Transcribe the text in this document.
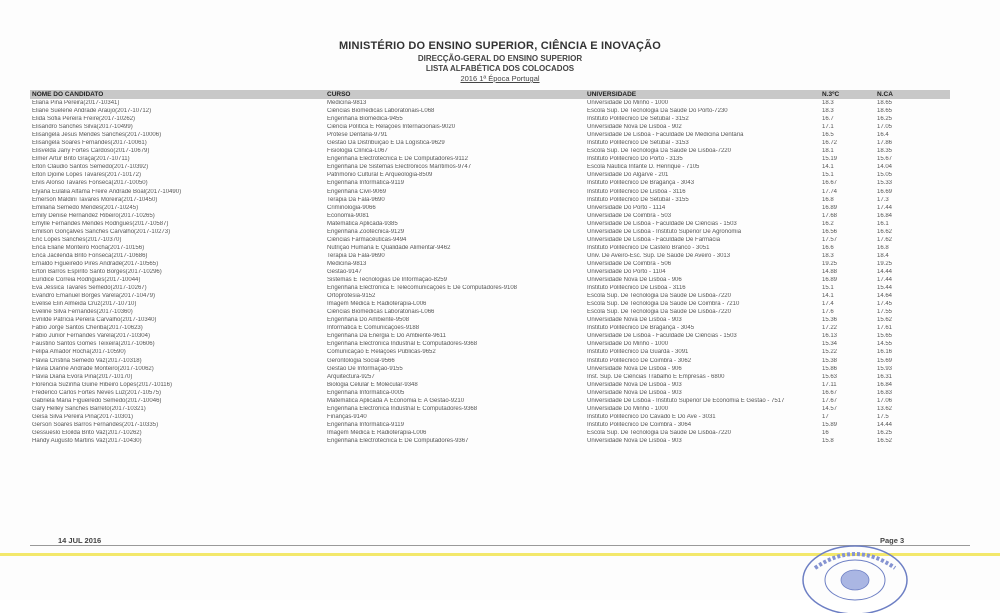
MINISTÉRIO DO ENSINO SUPERIOR, CIÊNCIA E INOVAÇÃO
DIRECÇÃO-GERAL DO ENSINO SUPERIOR
LISTA ALFABÉTICA DOS COLOCADOS
2016 1ª Época Portugal
NOME DO CANDIDATO	CURSO	UNIVERSIDADE	N.3ºC	N.CA
Eliana Pina Pereira(2017-10341)	Medicina-9813	Universidade Do Minho - 1000	18.3	18.65
Eliane Suelene Andrade Araújo(2017-10712)	Ciências Biomédicas Laboratoriais-L068	Escola Sup. De Tecnologia Da Saúde Do Porto-7230	18.3	18.65
Elida Sofia Pereira Freire(2017-10262)	Engenharia Biomédica-9455	Instituto Politécnico De Setúbal - 3152	16.7	16.25
Elisandro Sanches Silva(2017-10499)	Ciência Política E Relações Internacionais-9020	Universidade Nova De Lisboa - 902	17.1	17.05
Elisangela Jesus Mendes Sanches(2017-10006)	Prótese Dentária-9791	Universidade De Lisboa - Faculdade De Medicina Dentária	16.5	16.4
Elisangela Soares Fernandes(2017-10061)	Gestão Da Distribuição E Da Logística-9629	Instituto Politécnico De Setúbal - 3153	16.72	17.86
Elisvelda Jany Fortes Cardoso(2017-10679)	Fisiologia Clínica-L067	Escola Sup. De Tecnologia Da Saúde De Lisboa-7220	18.1	18.35
Elmer Artur Brito Graça(2017-10711)	Engenharia Electrotécnica E De Computadores-9112	Instituto Politécnico Do Porto - 3135	15.19	15.67
Elton Cláudio Santos Semedo(2017-10392)	Engenharia De Sistemas Electrónicos Marítimos-9747	Escola Náutica Infante D. Henrique - 7105	14.1	14.04
Elton Djoine Lopes Tavares(2017-10172)	Património Cultural E Arqueologia-8509	Universidade Do Algarve - 201	15.1	15.05
Elvis Alonso Tavares Fonseca(2017-10050)	Engenharia Informática-9119	Instituto Politécnico De Bragança - 3043	16.67	15.33
Elyana Eulália Alfama Freire Andrade Boal(2017-10490)	Engenharia Civil-9069	Instituto Politécnico De Lisboa - 3116	17.74	16.69
Emerson Maldini Tavares Moreira(2017-10450)	Terapia Da Fala-9690	Instituto Politécnico De Setúbal - 3155	16.8	17.3
Emiliana Semedo Mendes(2017-10245)	Criminologia-9066	Universidade Do Porto - 1114	16.89	17.44
Emily Denise Hernandez Ribeiro(2017-10265)	Economia-9081	Universidade De Coimbra - 503	17.68	16.84
Emylle Fernandes Mendes Rodrigues(2017-10587)	Matemática Aplicada-9385	Universidade De Lisboa - Faculdade De Ciências - 1503	16.2	16.1
Emilson Gonçalves Sanches Carvalho(2017-10273)	Engenharia Zootécnica-9129	Universidade De Lisboa - Instituto Superior De Agronomia	16.56	16.62
Eric Lopes Sanches(2017-10370)	Ciências Farmacêuticas-9494	Universidade De Lisboa - Faculdade De Farmácia	17.57	17.62
Erica Eliane Monteiro Rocha(2017-10156)	Nutrição Humana E Qualidade Alimentar-9462	Instituto Politécnico De Castelo Branco - 3051	16.6	16.8
Erica Jacilenda Brito Fonseca(2017-10686)	Terapia Da Fala-9690	Univ. De Aveiro-Esc. Sup. De Saúde De Aveiro - 3013	18.3	18.4
Ernaldo Figueiredo Pires Andrade(2017-10565)	Medicina-9813	Universidade De Coimbra - 506	19.25	19.25
Erton Barros Espírito Santo Borges(2017-10296)	Gestão-9147	Universidade Do Porto - 1104	14.88	14.44
Eurídice Correia Rodrigues(2017-10044)	Sistemas E Tecnologias De Informação-8259	Universidade Nova De Lisboa - 906	16.89	17.44
Eva Jéssica Tavares Semedo(2017-10267)	Engenharia Electrónica E Telecomunicações E De Computadores-9108	Instituto Politécnico De Lisboa - 3116	15.1	15.44
Evandro Emanuel Borges Varela(2017-10479)	Ortoprotesia-9152	Escola Sup. De Tecnologia Da Saúde De Lisboa-7220	14.1	14.64
Evelise Elin Almeida Cruz(2017-10710)	Imagem Médica E Radioterapia-L006	Escola Sup. De Tecnologia Da Saúde De Coimbra - 7210	17.4	17.45
Eveline Silva Fernandes(2017-10360)	Ciências Biomédicas Laboratoriais-L066	Escola Sup. De Tecnologia Da Saúde De Lisboa-7220	17.6	17.55
Evnilde Patrícia Pereira Carvalho(2017-10340)	Engenharia Do Ambiente-9508	Universidade Nova De Lisboa - 903	15.36	15.62
Fabio Jorge Santos Cheriba(2017-10623)	Informática E Comunicações-9188	Instituto Politécnico De Bragança - 3045	17.22	17.61
Fabio Junior Fernandes Varela(2017-10304)	Engenharia Da Energia E Do Ambiente-9611	Universidade De Lisboa - Faculdade De Ciências - 1503	16.13	15.65
Faustino Santos Gomes Teixeira(2017-10606)	Engenharia Electrónica Industrial E Computadores-9368	Universidade Do Minho - 1000	15.34	14.55
Felipa Amador Rocha(2017-10590)	Comunicação E Relações Públicas-9652	Instituto Politécnico Da Guarda - 3091	15.22	16.16
Flávia Cristina Semedo Vaz(2017-10318)	Gerontologia Social-9566	Instituto Politécnico De Coimbra - 3062	15.38	15.69
Flávia Dianne Andrade Monteiro(2017-10062)	Gestão De Informação-9155	Universidade Nova De Lisboa - 906	15.86	15.93
Flávia Diana Évora Pina(2017-10170)	Arquitectura-9257	Inst. Sup. De Ciências Trabalho E Empresas - 6800	15.63	16.31
Florencia Suzinha Guine Ribeiro Lopes(2017-10116)	Biologia Celular E Molecular-9348	Universidade Nova De Lisboa - 903	17.11	16.84
Frederico Carlos Fortes Neves Luz(2017-10575)	Engenharia Informática-0005	Universidade Nova De Lisboa - 903	16.67	16.83
Gabriela Maria Figueiredo Semedo(2017-10046)	Matemática Aplicada À Economia E À Gestão-9210	Universidade De Lisboa - Instituto Superior De Economia E Gestão - 7517	17.67	17.06
Gary Helley Sanches Barreto(2017-10321)	Engenharia Electrónica Industrial E Computadores-9368	Universidade Do Minho - 1000	14.57	13.62
Geisa Silva Pereira Pina(2017-10301)	Finanças-9140	Instituto Politécnico Do Cávado E Do Ave - 3031	17	17.5
Gerson Soares Barros Fernandes(2017-10335)	Engenharia Informática-9119	Instituto Politécnico De Coimbra - 3064	15.89	14.44
Gessueslo Eloilda Brito Vaz(2017-10262)	Imagem Médica E Radioterapia-L006	Escola Sup. De Tecnologia Da Saúde De Lisboa-7220	16	16.25
Handy Augusto Martins Vaz(2017-10430)	Engenharia Electrotécnica E De Computadores-9367	Universidade Nova De Lisboa - 903	15.8	16.52
14 JUL 2016	Page 3
